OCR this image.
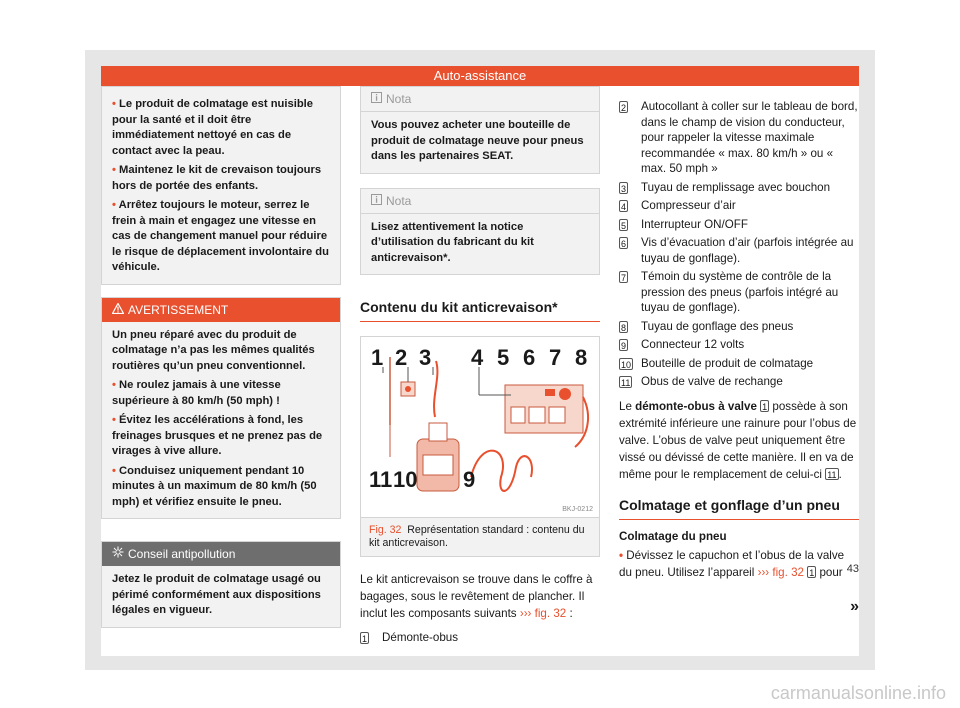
Auto-assistance

• Le produit de colmatage est nuisible pour la santé et il doit être immédiatement nettoyé en cas de contact avec la peau.

• Maintenez le kit de crevaison toujours hors de portée des enfants.

• Arrêtez toujours le moteur, serrez le frein à main et engagez une vitesse en cas de changement manuel pour réduire le risque de déplacement involontaire du véhicule.

AVERTISSEMENT

Un pneu réparé avec du produit de colmatage n’a pas les mêmes qualités routières qu’un pneu conventionnel.

• Ne roulez jamais à une vitesse supérieure à 80 km/h (50 mph) !

• Évitez les accélérations à fond, les freinages brusques et ne prenez pas de virages à vive allure.

• Conduisez uniquement pendant 10 minutes à un maximum de 80 km/h (50 mph) et vérifiez ensuite le pneu.

Conseil antipollution

Jetez le produit de colmatage usagé ou périmé conformément aux dispositions légales en vigueur.

Nota

Vous pouvez acheter une bouteille de produit de colmatage neuve pour pneus dans les partenaires SEAT.

Nota

Lisez attentivement la notice d’utilisation du fabricant du kit anticrevaison*.

Contenu du kit anticrevaison*
1 2 3 4 5 6 7 8
11 10 9
BKJ-0212
Fig. 32 Représentation standard : contenu du kit anticrevaison.

Le kit anticrevaison se trouve dans le coffre à bagages, sous le revêtement de plancher. Il inclut les composants suivants ››› fig. 32 :

1 Démonte-obus
2 Autocollant à coller sur le tableau de bord, dans le champ de vision du conducteur, pour rappeler la vitesse maximale recommandée « max. 80 km/h » ou « max. 50 mph »
3 Tuyau de remplissage avec bouchon
4 Compresseur d’air
5 Interrupteur ON/OFF
6 Vis d’évacuation d’air (parfois intégrée au tuyau de gonflage).
7 Témoin du système de contrôle de la pression des pneus (parfois intégré au tuyau de gonflage).
8 Tuyau de gonflage des pneus
9 Connecteur 12 volts
10 Bouteille de produit de colmatage
11 Obus de valve de rechange

Le démonte-obus à valve 1 possède à son extrémité inférieure une rainure pour l’obus de valve. L’obus de valve peut uniquement être vissé ou dévissé de cette manière. Il en va de même pour le remplacement de celui-ci 11 .

Colmatage et gonflage d’un pneu
Colmatage du pneu

• Dévissez le capuchon et l’obus de la valve du pneu. Utilisez l’appareil ››› fig. 32 1 pour

»
43
carmanualsonline.info
